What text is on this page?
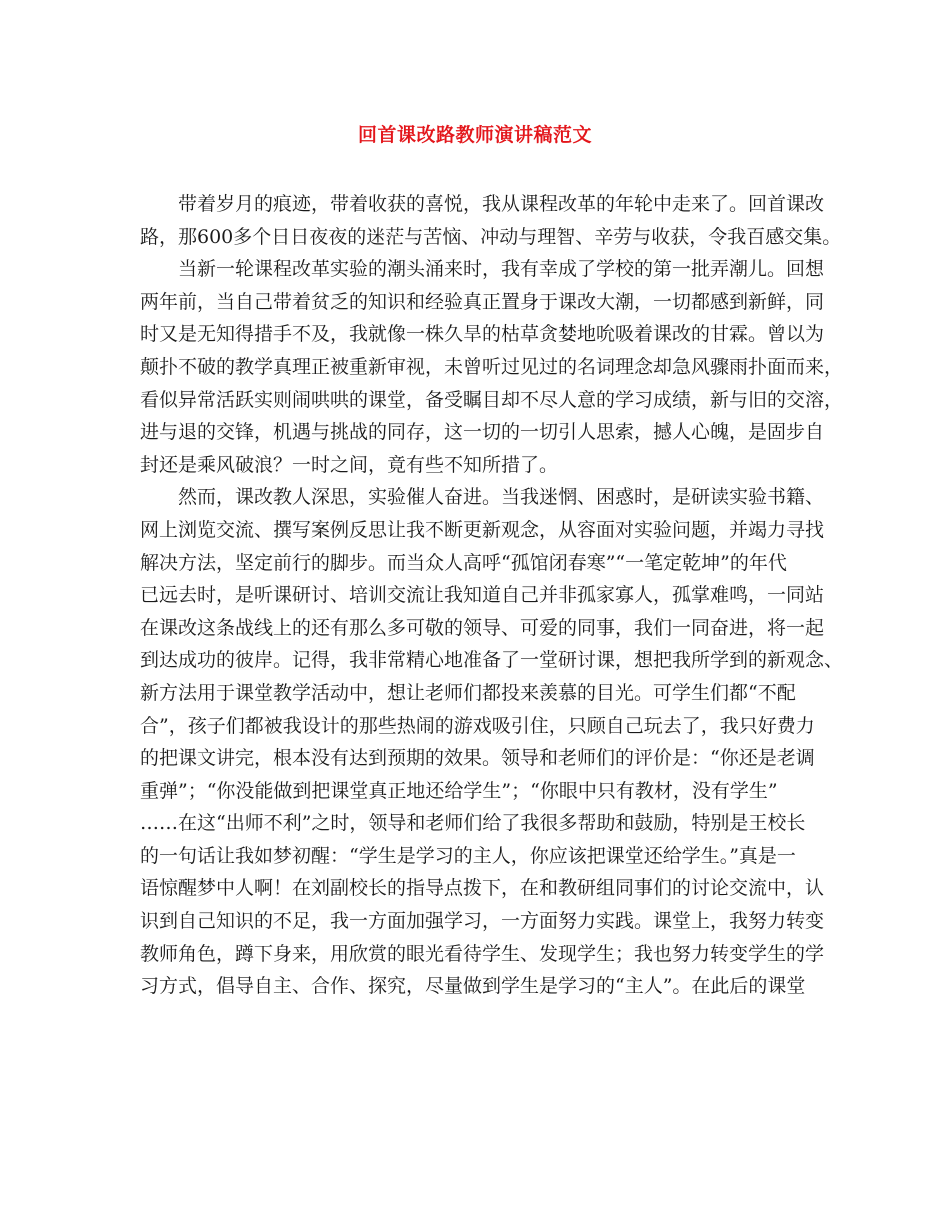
回首课改路教师演讲稿范文

带着岁月的痕迹，带着收获的喜悦，我从课程改革的年轮中走来了。回首课改
路，那600多个日日夜夜的迷茫与苦恼、冲动与理智、辛劳与收获，令我百感交集。

当新一轮课程改革实验的潮头涌来时，我有幸成了学校的第一批弄潮儿。回想
两年前，当自己带着贫乏的知识和经验真正置身于课改大潮，一切都感到新鲜，同
时又是无知得措手不及，我就像一株久旱的枯草贪婪地吮吸着课改的甘霖。曾以为
颠扑不破的教学真理正被重新审视，未曾听过见过的名词理念却急风骤雨扑面而来，
看似异常活跃实则闹哄哄的课堂，备受瞩目却不尽人意的学习成绩，新与旧的交溶，
进与退的交锋，机遇与挑战的同存，这一切的一切引人思索，撼人心魄，是固步自
封还是乘风破浪？一时之间，竟有些不知所措了。

然而，课改教人深思，实验催人奋进。当我迷惘、困惑时，是研读实验书籍、
网上浏览交流、撰写案例反思让我不断更新观念，从容面对实验问题，并竭力寻找
解决方法，坚定前行的脚步。而当众人高呼“孤馆闭春寒”“一笔定乾坤”的年代
已远去时，是听课研讨、培训交流让我知道自己并非孤家寡人，孤掌难鸣，一同站
在课改这条战线上的还有那么多可敬的领导、可爱的同事，我们一同奋进，将一起
到达成功的彼岸。记得，我非常精心地准备了一堂研讨课，想把我所学到的新观念、
新方法用于课堂教学活动中，想让老师们都投来羡慕的目光。可学生们都“不配
合”，孩子们都被我设计的那些热闹的游戏吸引住，只顾自己玩去了，我只好费力
的把课文讲完，根本没有达到预期的效果。领导和老师们的评价是：“你还是老调
重弹”；“你没能做到把课堂真正地还给学生”；“你眼中只有教材，没有学生”
……在这“出师不利”之时，领导和老师们给了我很多帮助和鼓励，特别是王校长
的一句话让我如梦初醒：“学生是学习的主人，你应该把课堂还给学生。”真是一
语惊醒梦中人啊！在刘副校长的指导点拨下，在和教研组同事们的讨论交流中，认
识到自己知识的不足，我一方面加强学习，一方面努力实践。课堂上，我努力转变
教师角色，蹲下身来，用欣赏的眼光看待学生、发现学生；我也努力转变学生的学
习方式，倡导自主、合作、探究，尽量做到学生是学习的“主人”。在此后的课堂
